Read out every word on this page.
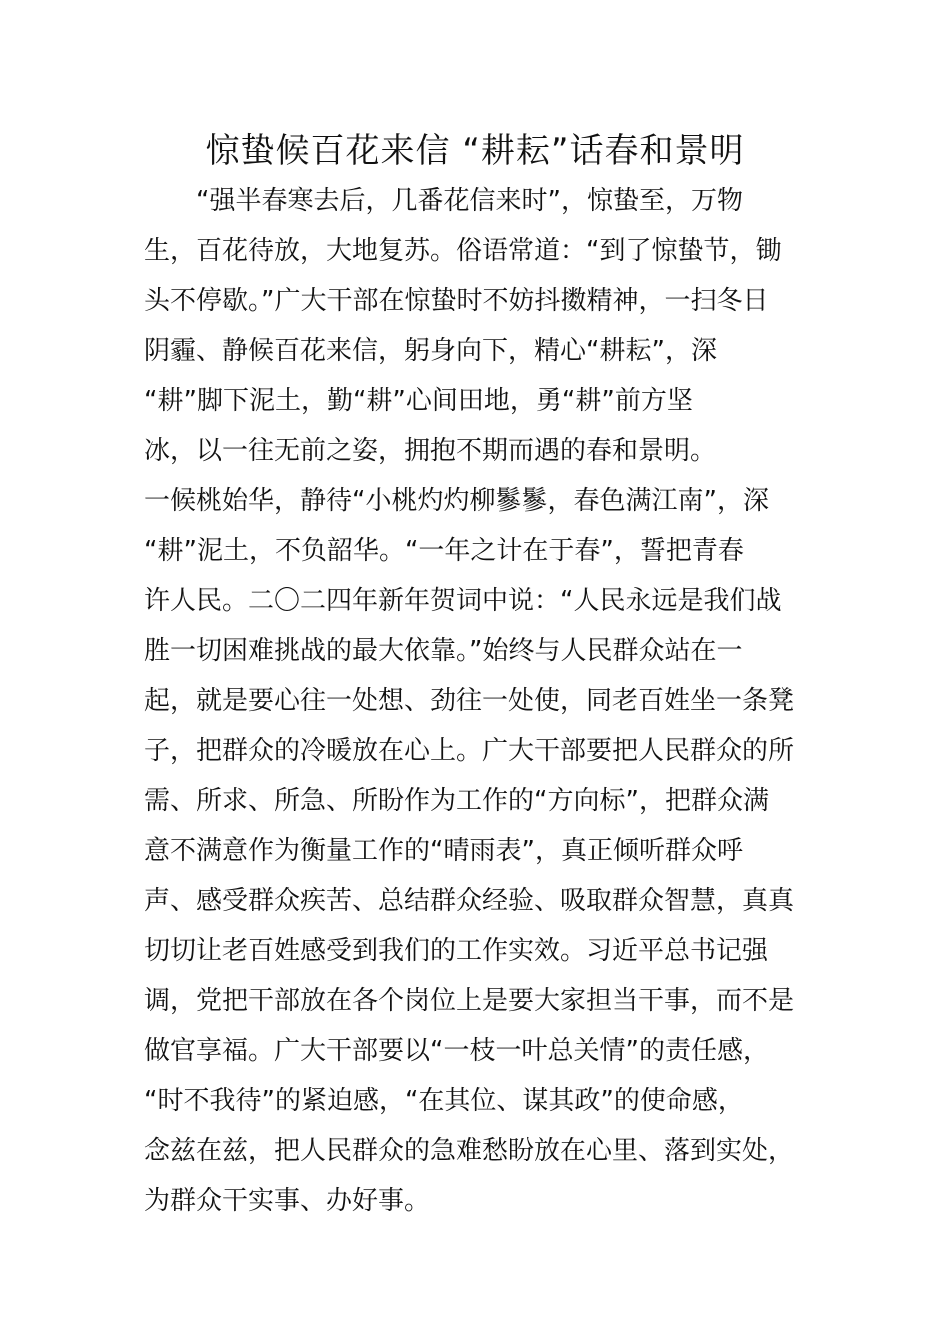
惊蛰候百花来信 “耕耘”话春和景明

　　“强半春寒去后，几番花信来时”，惊蛰至，万物
生，百花待放，大地复苏。俗语常道：“到了惊蛰节，锄
头不停歇。”广大干部在惊蛰时不妨抖擞精神，一扫冬日
阴霾、静候百花来信，躬身向下，精心“耕耘”，深
“耕”脚下泥土，勤“耕”心间田地，勇“耕”前方坚
冰，以一往无前之姿，拥抱不期而遇的春和景明。

一候桃始华，静待“小桃灼灼柳鬖鬖，春色满江南”，深
“耕”泥土，不负韶华。“一年之计在于春”，誓把青春
许人民。二〇二四年新年贺词中说：“人民永远是我们战
胜一切困难挑战的最大依靠。”始终与人民群众站在一
起，就是要心往一处想、劲往一处使，同老百姓坐一条凳
子，把群众的冷暖放在心上。广大干部要把人民群众的所
需、所求、所急、所盼作为工作的“方向标”，把群众满
意不满意作为衡量工作的“晴雨表”，真正倾听群众呼
声、感受群众疾苦、总结群众经验、吸取群众智慧，真真
切切让老百姓感受到我们的工作实效。习近平总书记强
调，党把干部放在各个岗位上是要大家担当干事，而不是
做官享福。广大干部要以“一枝一叶总关情”的责任感，
“时不我待”的紧迫感，“在其位、谋其政”的使命感，
念兹在兹，把人民群众的急难愁盼放在心里、落到实处，
为群众干实事、办好事。
